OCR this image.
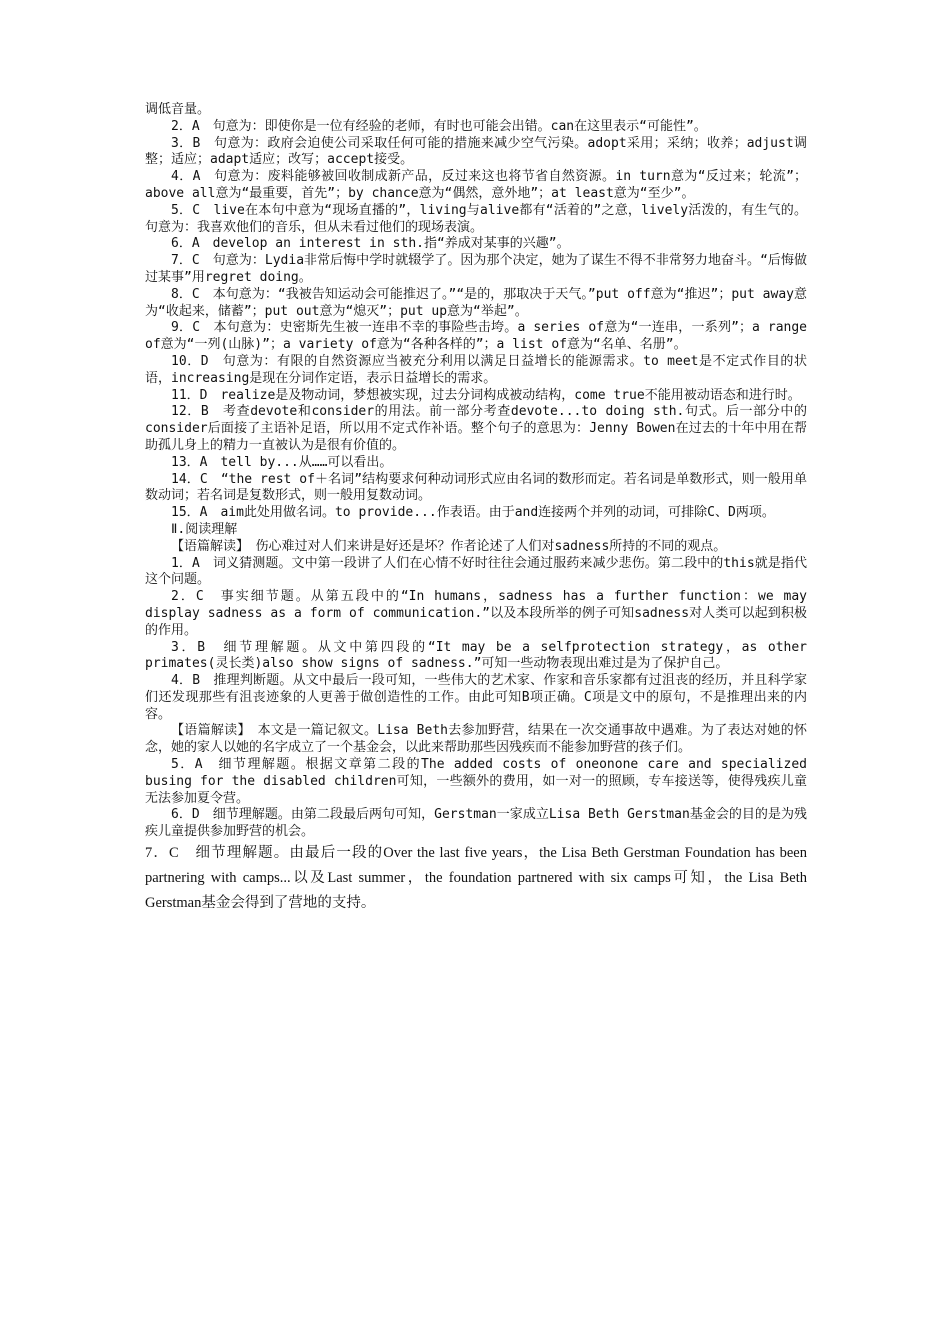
调低音量。

2．A　句意为：即使你是一位有经验的老师，有时也可能会出错。can在这里表示“可能性”。

3．B　句意为：政府会迫使公司采取任何可能的措施来减少空气污染。adopt采用；采纳；收养；adjust调整；适应；adapt适应；改写；accept接受。

4．A　句意为：废料能够被回收制成新产品，反过来这也将节省自然资源。in turn意为“反过来；轮流”；above all意为“最重要，首先”；by chance意为“偶然，意外地”；at least意为“至少”。

5．C　live在本句中意为“现场直播的”，living与alive都有“活着的”之意，lively活泼的，有生气的。句意为：我喜欢他们的音乐，但从未看过他们的现场表演。

6．A　develop an interest in sth.指“养成对某事的兴趣”。

7．C　句意为：Lydia非常后悔中学时就辍学了。因为那个决定，她为了谋生不得不非常努力地奋斗。“后悔做过某事”用regret doing。

8．C　本句意为：“我被告知运动会可能推迟了。”“是的，那取决于天气。”put off意为“推迟”；put away意为“收起来，储蓄”；put out意为“熄灭”；put up意为“举起”。

9．C　本句意为：史密斯先生被一连串不幸的事险些击垮。a series of意为“一连串，一系列”；a range of意为“一列(山脉)”；a variety of意为“各种各样的”；a list of意为“名单、名册”。

10．D　句意为：有限的自然资源应当被充分利用以满足日益增长的能源需求。to meet是不定式作目的状语，increasing是现在分词作定语，表示日益增长的需求。

11．D　realize是及物动词，梦想被实现，过去分词构成被动结构，come true不能用被动语态和进行时。

12．B　考查devote和consider的用法。前一部分考查devote...to doing sth.句式。后一部分中的consider后面接了主语补足语，所以用不定式作补语。整个句子的意思为：Jenny Bowen在过去的十年中用在帮助孤儿身上的精力一直被认为是很有价值的。

13．A　tell by...从……可以看出。

14．C　“the rest of＋名词”结构要求何种动词形式应由名词的数形而定。若名词是单数形式，则一般用单数动词；若名词是复数形式，则一般用复数动词。

15．A　aim此处用做名词。to provide...作表语。由于and连接两个并列的动词，可排除C、D两项。

Ⅱ.阅读理解

【语篇解读】　伤心难过对人们来讲是好还是坏？作者论述了人们对sadness所持的不同的观点。

1．A　词义猜测题。文中第一段讲了人们在心情不好时往往会通过服药来减少悲伤。第二段中的this就是指代这个问题。

2．C　事实细节题。从第五段中的“In humans，sadness has a further function：we may display sadness as a form of communication.”以及本段所举的例子可知sadness对人类可以起到积极的作用。

3．B　细节理解题。从文中第四段的“It may be a selfprotection strategy，as other primates(灵长类)also show signs of sadness.”可知一些动物表现出难过是为了保护自己。

4．B　推理判断题。从文中最后一段可知，一些伟大的艺术家、作家和音乐家都有过沮丧的经历，并且科学家们还发现那些有沮丧迹象的人更善于做创造性的工作。由此可知B项正确。C项是文中的原句，不是推理出来的内容。

【语篇解读】　本文是一篇记叙文。Lisa Beth去参加野营，结果在一次交通事故中遇难。为了表达对她的怀念，她的家人以她的名字成立了一个基金会，以此来帮助那些因残疾而不能参加野营的孩子们。

5．A　细节理解题。根据文章第二段的The added costs of oneonone care and specialized busing for the disabled children可知，一些额外的费用，如一对一的照顾，专车接送等，使得残疾儿童无法参加夏令营。

6．D　细节理解题。由第二段最后两句可知，Gerstman一家成立Lisa Beth Gerstman基金会的目的是为残疾儿童提供参加野营的机会。

7．C　细节理解题。由最后一段的Over the last five years，the Lisa Beth Gerstman Foundation has been partnering with camps...以及Last summer，the foundation partnered with six camps可知，the Lisa Beth Gerstman基金会得到了营地的支持。
